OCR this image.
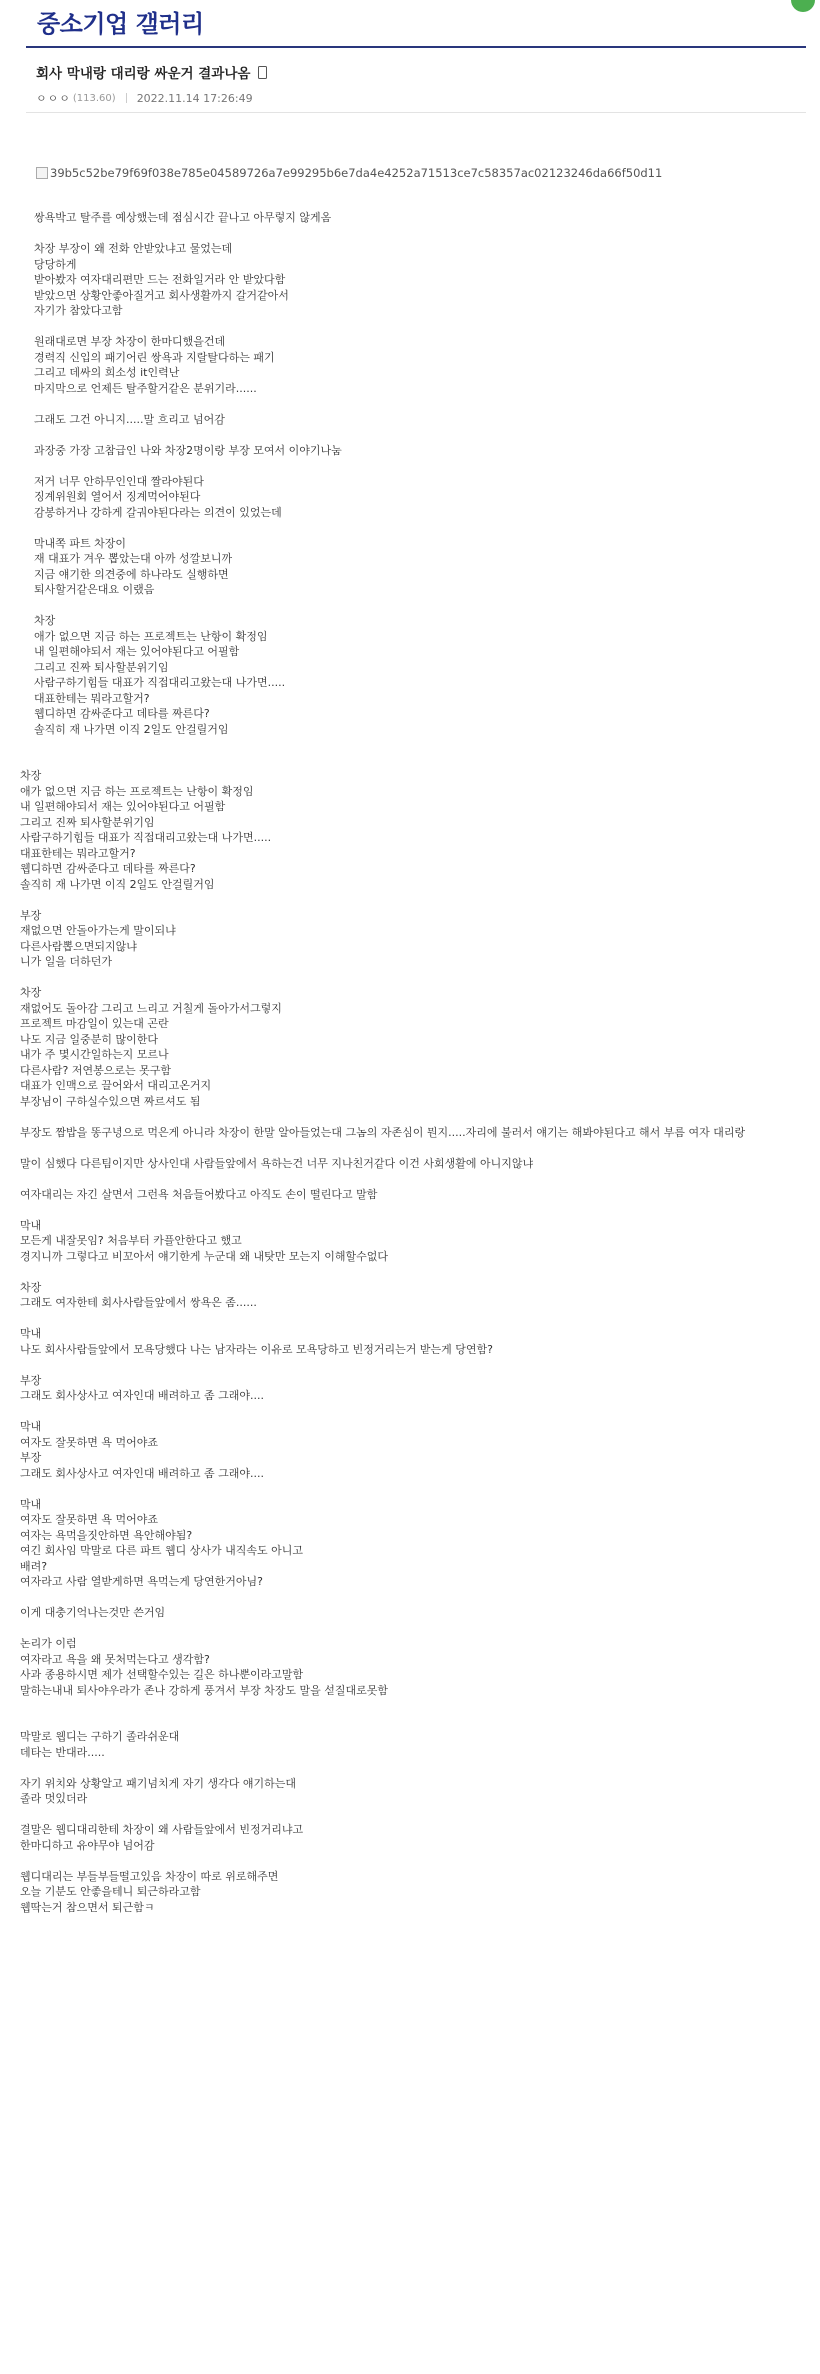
중소기업 갤러리
회사 막내랑 대리랑 싸운거 결과나옴
ㅇㅇㅇ (113.60) 2022.11.14 17:26:49
39b5c52be79f69f038e785e04589726a7e99295b6e7da4e4252a71513ce7c58357ac02123246da66f50d11
쌍욕박고 탈주를 예상했는데 점심시간 끝나고 아무렇지 않게옴
차장 부장이 왜 전화 안받았냐고 물었는데
당당하게
받아봤자 여자대리편만 드는 전화일거라 안 받았다함
받았으면 상황안좋아질거고 회사생활까지 갈거같아서
자기가 참았다고함
원래대로면 부장 차장이 한마디했을건데
경력직 신입의 패기어린 쌍욕과 지랄탈다하는 패기
그리고 데싸의 희소성 it인력난
마지막으로 언제든 탈주할거같은 분위기라......
그래도 그건 아니지.....말 흐리고 넘어감
과장중 가장 고참급인 나와 차장2명이랑 부장 모여서 이야기나눔
저거 너무 안하무인인대 짤라야된다
징계위원회 열어서 징계먹어야된다
감봉하거나 강하게 갈궈야된다라는 의견이 있었는데
막내쪽 파트 차장이
재 대표가 겨우 뽑았는대 아까 성깔보니까
지금 얘기한 의견중에 하나라도 실행하면
퇴사할거같은대요 이랬음
차장
애가 없으면 지금 하는 프로젝트는 난항이 확정임
내 일편해야되서 재는 있어야된다고 어필함
그리고 진짜 퇴사할분위기임
사람구하기힘들 대표가 직접대리고왔는대 나가면.....
대표한테는 뭐라고할거?
웹디하면 감싸준다고 데타를 짜른다?
솔직히 재 나가면 이직 2일도 안걸릴거임
차장
애가 없으면 지금 하는 프로젝트는 난항이 확정임
내 일편해야되서 재는 있어야된다고 어필함
그리고 진짜 퇴사할분위기임
사람구하기힘들 대표가 직접대리고왔는대 나가면.....
대표한테는 뭐라고할거?
웹디하면 감싸준다고 데타를 짜른다?
솔직히 재 나가면 이직 2일도 안걸릴거임
부장
재없으면 안돌아가는게 말이되냐
다른사람뽑으면되지않냐
니가 일을 더하던가
차장
재없어도 돌아감 그리고 느리고 거칠게 돌아가서그렇지
프로젝트 마감일이 있는대 곤란
나도 지금 일중분히 많이한다
내가 주 몇시간일하는지 모르나
다른사람? 저연봉으로는 못구함
대표가 인맥으로 끌어와서 대리고온거지
부장님이 구하실수있으면 짜르셔도 됨
부장도 짬밥을 똥구녕으로 먹은게 아니라 차장이 한말 알아들었는대 그놈의 자존심이 뭔지.....자리에 불러서 얘기는 해봐야된다고 해서 부름 여자 대리랑
말이 심했다 다른팀이지만 상사인대 사람들앞에서 욕하는건 너무 지나친거같다 이건 사회생활에 아니지않냐
여자대리는 자긴 살면서 그런욕 처음들어봤다고 아직도 손이 떨린다고 말함
막내
모든게 내잘못임? 처음부터 카플안한다고 했고
경지니까 그렇다고 비꼬아서 얘기한게 누군대 왜 내탓만 모는지 이해할수없다
차장
그래도 여자한테 회사사람들앞에서 쌍욕은 좀......
막내
나도 회사사람들앞에서 모욕당했다 나는 남자라는 이유로 모욕당하고 빈정거리는거 받는게 당연함?
부장
그래도 회사상사고 여자인대 배려하고 좀 그래야....
막내
여자도 잘못하면 욕 먹어야죠
부장
그래도 회사상사고 여자인대 배려하고 좀 그래야....
막내
여자도 잘못하면 욕 먹어야죠
여자는 욕먹을짓안하면 욕안해야됨?
여긴 회사임 막말로 다른 파트 웹디 상사가 내직속도 아니고
배려?
여자라고 사람 열받게하면 욕먹는게 당연한거아님?
이게 대충기억나는것만 쓴거임
논리가 이럼
여자라고 욕을 왜 못처먹는다고 생각함?
사과 종용하시면 제가 선택할수있는 길은 하나뿐이라고말함
말하는내내 퇴사야우라가 존나 강하게 풍겨서 부장 차장도 말을 섣질대로못함
막말로 웹디는 구하기 졸라쉬운대
데타는 반대라.....
자기 위치와 상황알고 패기넘치게 자기 생각다 얘기하는대
졸라 멋있더라
결말은 웹디대리한테 차장이 왜 사람들앞에서 빈정거리냐고
한마디하고 유야무야 넘어감
웹디대리는 부들부들떨고있음 차장이 따로 위로해주면
오늘 기분도 안좋을테니 퇴근하라고함
웹딱는거 참으면서 퇴근함ㅋ
